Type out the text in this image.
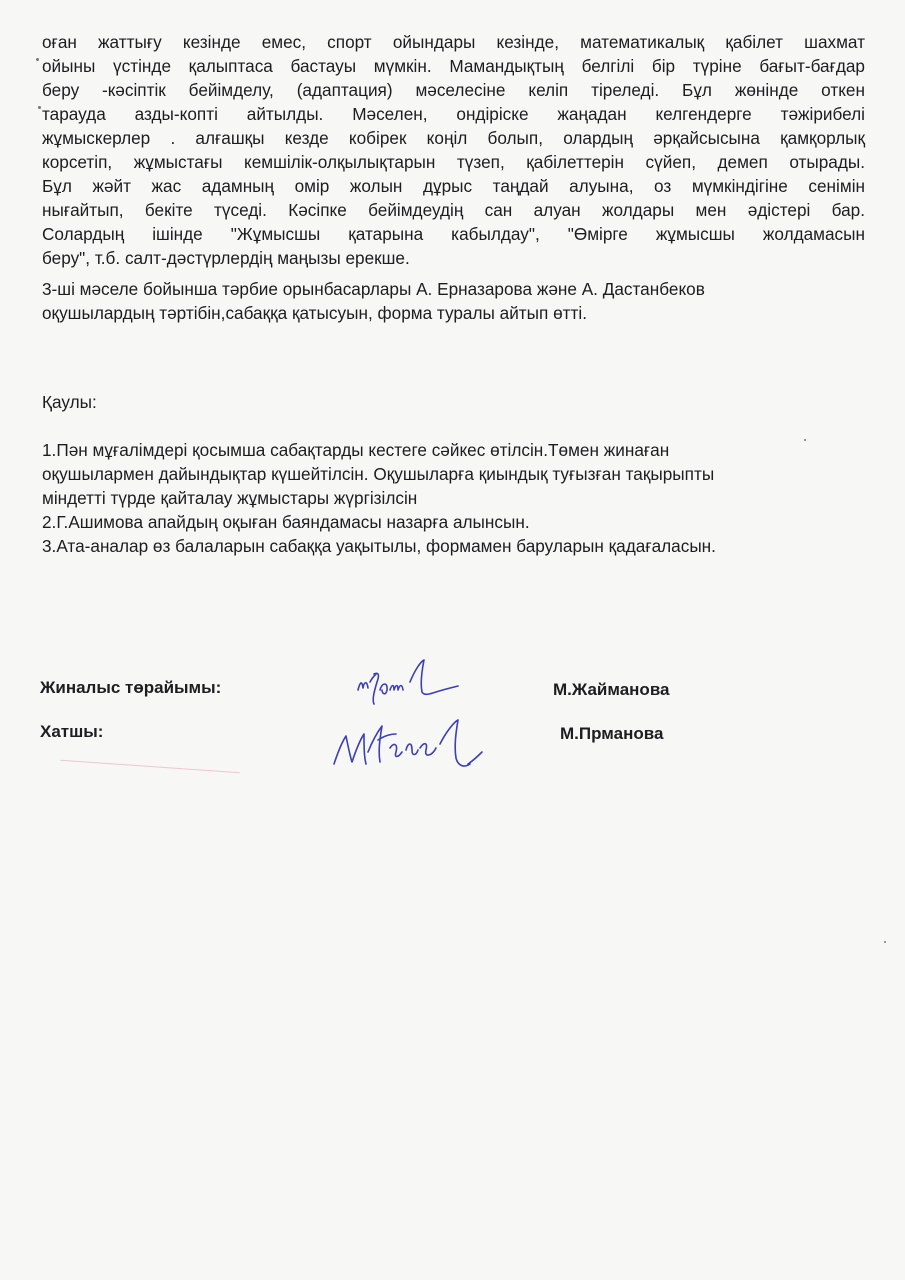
оған жаттығу кезінде емес, спорт ойындары кезінде, математикалық қабілет шахмат
ойыны үстінде қалыптаса бастауы мүмкін. Мамандықтың белгілі бір түріне бағыт-бағдар
беру -кәсіптік бейімделу, (адаптация) мәселесіне келіп тіреледі. Бұл жөнінде откен
тарауда азды-копті айтылды. Мәселен, ондіріске жаңадан келгендерге тәжірибелі
жұмыскерлер . алғашқы кезде кобірек коңіл болып, олардың әрқайсысына қамқорлық
корсетіп, жұмыстағы кемшілік-олқылықтарын түзеп, қабілеттерін сүйеп, демеп отырады.
Бұл жәйт жас адамның омір жолын дұрыс таңдай алуына, оз мүмкіндігіне сенімін
нығайтып, бекіте түседі. Кәсіпке бейімдеудің сан алуан жолдары мен әдістері бар.
Солардың ішінде "Жұмысшы қатарына кабылдау", "Өмірге жұмысшы жолдамасын
беру", т.б. салт-дәстүрлердің маңызы ерекше.
3-ші мәселе бойынша тәрбие орынбасарлары А. Ерназарова және А. Дастанбеков
оқушылардың тәртібін,сабаққа қатысуын, форма туралы айтып өтті.
Қаулы:
1.Пән мұғалімдері қосымша сабақтарды кестеге сәйкес өтілсін.Төмен жинаған
оқушылармен дайындықтар күшейтілсін. Оқушыларға қиындық туғызған тақырыпты
міндетті түрде қайталау жұмыстары жүргізілсін
2.Г.Ашимова апайдың оқыған баяндамасы назарға алынсын.
3.Ата-аналар өз балаларын сабаққа уақытылы, формамен баруларын қадағаласын.
Жиналыс төрайымы:	М.Жайманова
Хатшы:	М.Прманова
